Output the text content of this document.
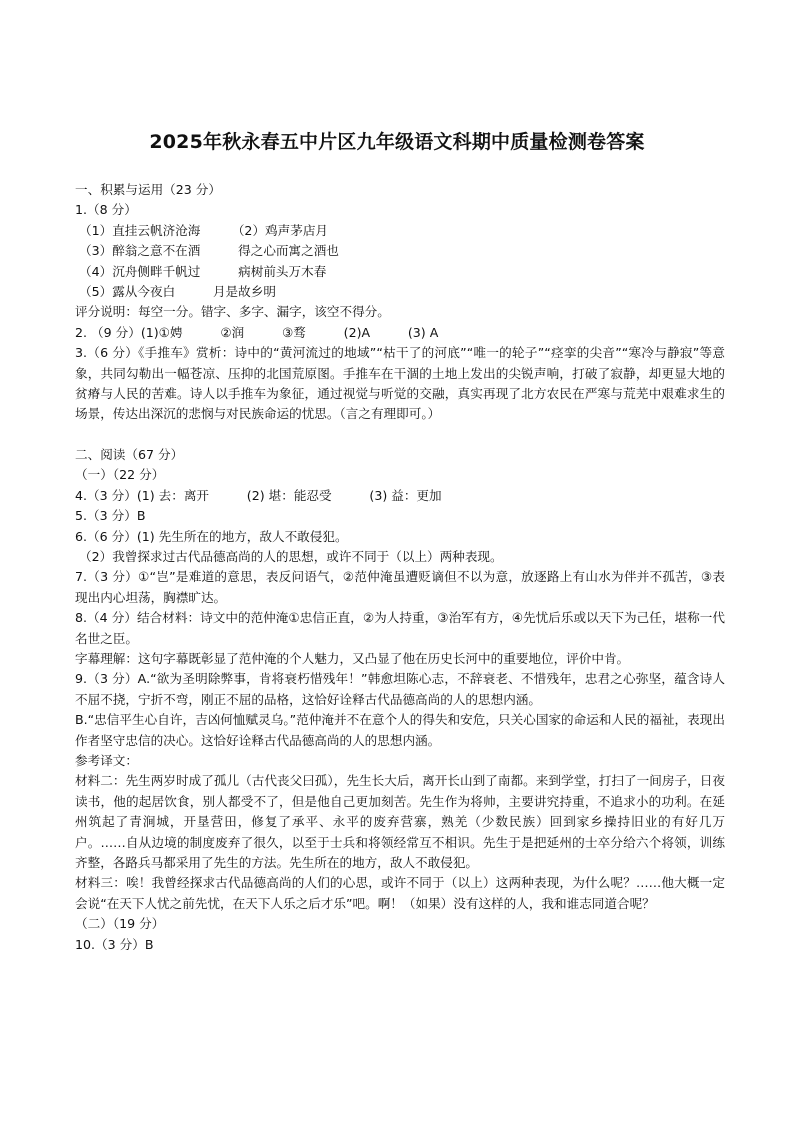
2025年秋永春五中片区九年级语文科期中质量检测卷答案

一、积累与运用（23 分）

1.（8 分）

（1）直挂云帆济沧海　　　（2）鸡声茅店月

（3）醉翁之意不在酒　　　得之心而寓之酒也

（4）沉舟侧畔千帆过　　　病树前头万木春

（5）露从今夜白　　　月是故乡明

评分说明：每空一分。错字、多字、漏字，该空不得分。

2. （9 分）(1)①娉　　　②润　　　③骛　　　(2)A　　　(3) A

3.（6 分）《手推车》赏析：诗中的“黄河流过的地域”“枯干了的河底”“唯一的轮子”“痉挛的尖音”“寒冷与静寂”等意象，共同勾勒出一幅苍凉、压抑的北国荒原图。手推车在干涸的土地上发出的尖锐声响，打破了寂静，却更显大地的贫瘠与人民的苦难。诗人以手推车为象征，通过视觉与听觉的交融，真实再现了北方农民在严寒与荒芜中艰难求生的场景，传达出深沉的悲悯与对民族命运的忧思。（言之有理即可。）

二、阅读（67 分）

（一）（22 分）

4.（3 分）(1) 去：离开　　　(2) 堪：能忍受　　　(3) 益：更加

5.（3 分）B

6.（6 分）(1) 先生所在的地方，敌人不敢侵犯。

（2）我曾探求过古代品德高尚的人的思想，或许不同于（以上）两种表现。

7.（3 分）①“岂”是难道的意思，表反问语气，②范仲淹虽遭贬谪但不以为意，放逐路上有山水为伴并不孤苦，③表现出内心坦荡，胸襟旷达。

8.（4 分）结合材料：诗文中的范仲淹①忠信正直，②为人持重，③治军有方，④先忧后乐或以天下为己任，堪称一代名世之臣。

字幕理解：这句字幕既彰显了范仲淹的个人魅力，又凸显了他在历史长河中的重要地位，评价中肯。

9.（3 分）A.“欲为圣明除弊事，肯将衰朽惜残年！”韩愈坦陈心志，不辞衰老、不惜残年，忠君之心弥坚，蕴含诗人不屈不挠，宁折不弯，刚正不屈的品格，这恰好诠释古代品德高尚的人的思想内涵。

B.“忠信平生心自许，吉凶何恤赋灵乌。”范仲淹并不在意个人的得失和安危，只关心国家的命运和人民的福祉，表现出作者坚守忠信的决心。这恰好诠释古代品德高尚的人的思想内涵。

参考译文：

材料二：先生两岁时成了孤儿（古代丧父曰孤），先生长大后，离开长山到了南都。来到学堂，打扫了一间房子，日夜读书，他的起居饮食，别人都受不了，但是他自己更加刻苦。先生作为将帅，主要讲究持重，不追求小的功利。在延州筑起了青涧城，开垦营田，修复了承平、永平的废弃营寨，熟羌（少数民族）回到家乡操持旧业的有好几万户。……自从边境的制度废弃了很久，以至于士兵和将领经常互不相识。先生于是把延州的士卒分给六个将领，训练齐整，各路兵马都采用了先生的方法。先生所在的地方，敌人不敢侵犯。

材料三：唉！我曾经探求古代品德高尚的人们的心思，或许不同于（以上）这两种表现，为什么呢？……他大概一定会说“在天下人忧之前先忧，在天下人乐之后才乐”吧。啊！（如果）没有这样的人，我和谁志同道合呢？

（二）（19 分）

10.（3 分）B
